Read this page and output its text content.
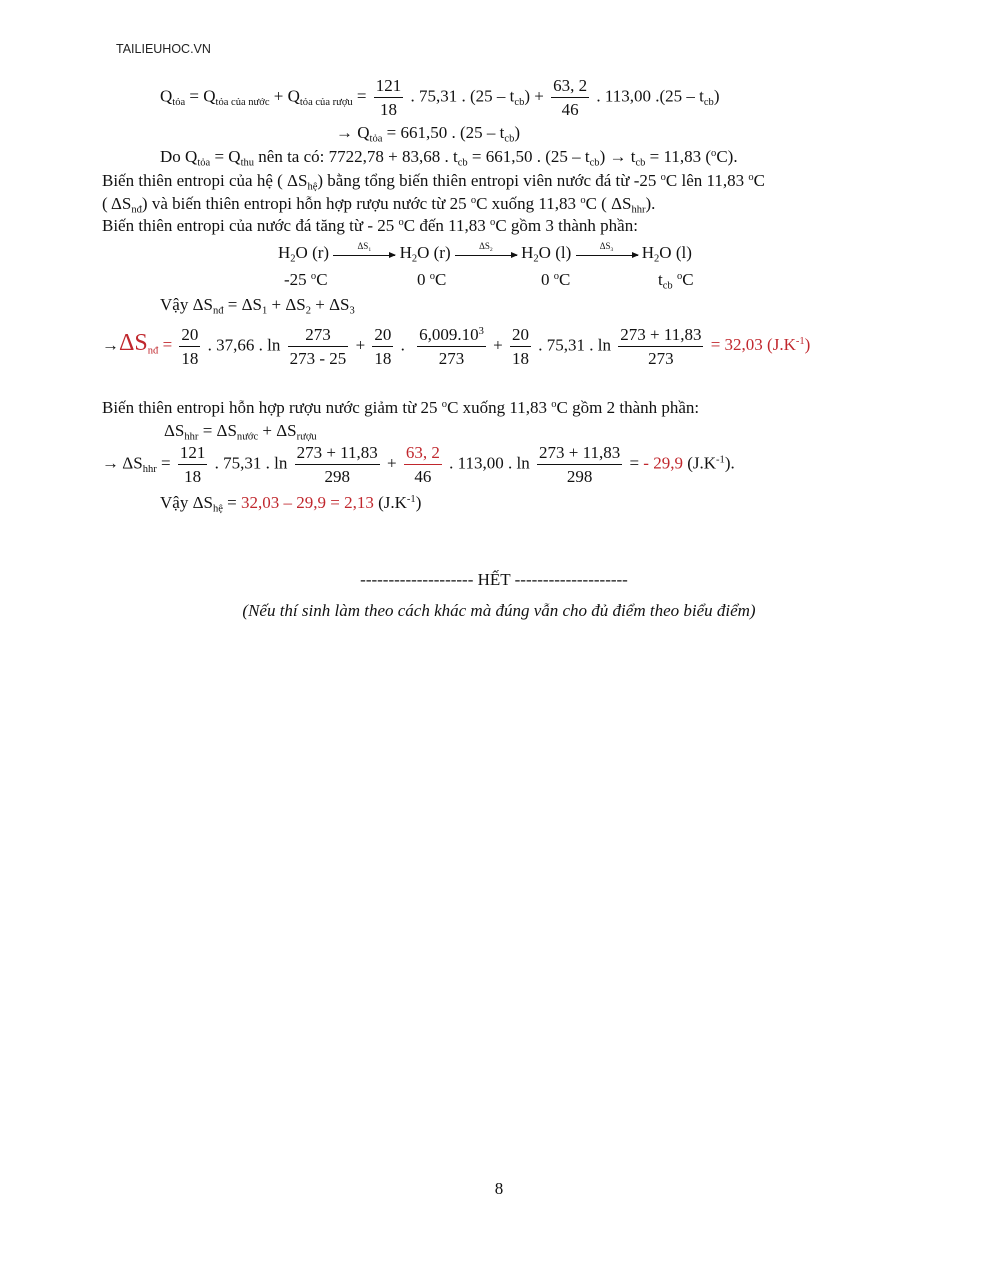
TAILIEUHOC.VN
$Q_{tỏa} = Q_{tỏa của nước} + Q_{tỏa của rượu} = \frac{121}{18}$ . 75,31 . $(25 - t_{cb}) + \frac{63, 2}{46}$ . 113,00 $.(25 - t_{cb})$
→ $Q_{tỏa} = 661,50$ . $(25 - t_{cb})$
Do $Q_{tỏa} = Q_{thu}$ nên ta có: 7722,78 + 83,68 . $t_{cb} = 661,50$ . $(25 - t_{cb}) \to t_{cb} = 11,83$ ($^o$C).
Biến thiên entropi của hệ ( $\Delta S_{hệ}$) bằng tổng biến thiên entropi viên nước đá từ -25 $^o$C lên 11,83 $^o$C
( $\Delta S_{nđ}$) và biến thiên entropi hỗn hợp rượu nước từ 25 $^o$C xuống 11,83 $^o$C ( $\Delta S_{hhr}$).
Biến thiên entropi của nước đá tăng từ - 25 $^o$C đến 11,83 $^o$C gồm 3 thành phần:
$H_2O$ (r)	$\Delta S_1$	$H_2O$ (r)	$\Delta S_2$	$H_2O$ (l)	$\Delta S_3$	$H_2O$ (l)
-25 $^o$C	0 $^o$C	0 $^o$C	$t_{cb}$ $^o$C
Vậy $\Delta S_{nđ} = \Delta S_1 + \Delta S_2 + \Delta S_3$
$\to\Delta S_{nđ} = \frac{20}{18}$ . 37,66 . $\ln \frac{273}{273 - 25} + \frac{20}{18}$ . $\frac{6,009.10^3}{273} + \frac{20}{18}$ . 75,31 . $\ln \frac{273 + 11,83}{273} = 32,03$ $(J.K^{-1})$
Biến thiên entropi hỗn hợp rượu nước giảm từ 25 $^o$C xuống 11,83 $^o$C gồm 2 thành phần:
$\Delta S_{hhr} = \Delta S_{nước} + \Delta S_{rượu}$
→ $\Delta S_{hhr} = \frac{121}{18}$ . 75,31 . $\ln \frac{273 + 11,83}{298} + \frac{63, 2}{46}$ . 113,00 . $\ln \frac{273 + 11,83}{298}$ = - 29,9 $(J.K^{-1})$.
Vậy $\Delta S_{hệ} = 32,03 - 29,9 = 2,13$ $(J.K^{-1})$
-------------------- HẾT --------------------
(Nếu thí sinh làm theo cách khác mà đúng vẫn cho đủ điểm theo biểu điểm)
8
